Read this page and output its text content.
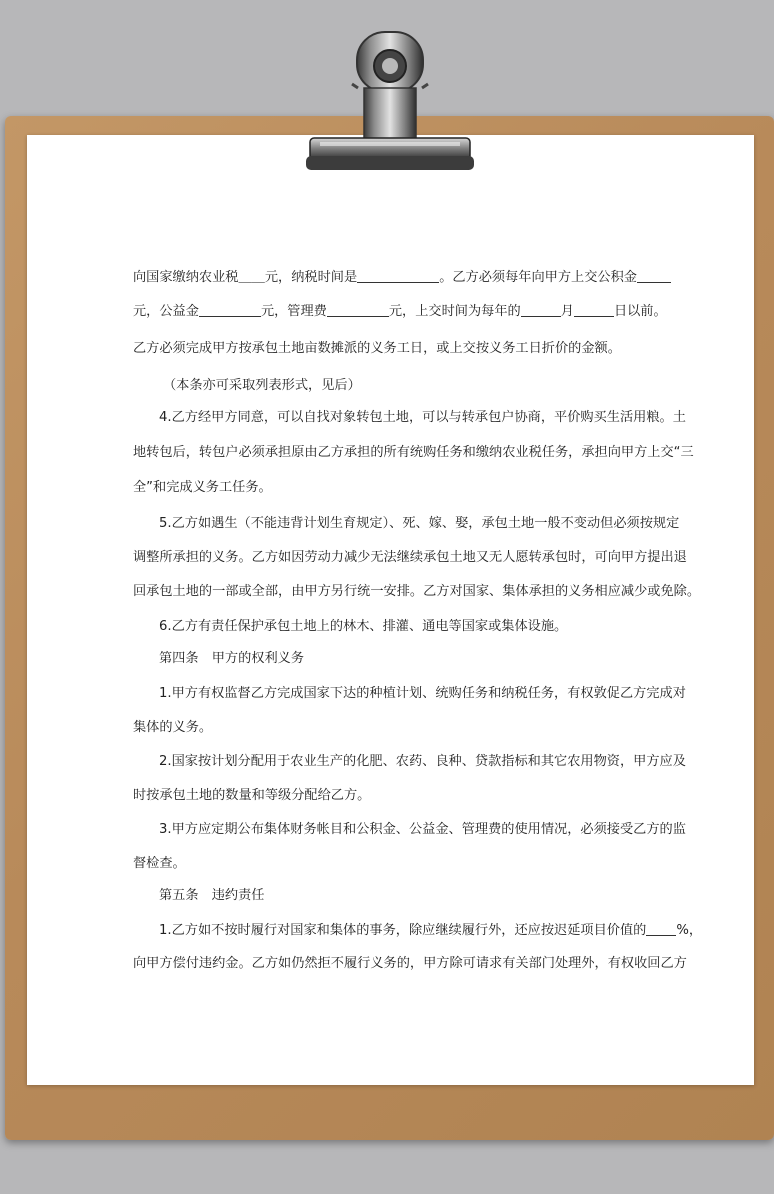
向国家缴纳农业税＿＿元，纳税时间是	。乙方必须每年向甲方上交公积金
元，公益金	元，管理费	元，上交时间为每年的	月	日以前。
乙方必须完成甲方按承包土地亩数摊派的义务工日，或上交按义务工日折价的金额。
（本条亦可采取列表形式，见后）
4.乙方经甲方同意，可以自找对象转包土地，可以与转承包户协商，平价购买生活用粮。土
地转包后，转包户必须承担原由乙方承担的所有统购任务和缴纳农业税任务，承担向甲方上交“三
全”和完成义务工任务。
5.乙方如遇生（不能违背计划生育规定）、死、嫁、娶，承包土地一般不变动但必须按规定
调整所承担的义务。乙方如因劳动力减少无法继续承包土地又无人愿转承包时，可向甲方提出退
回承包土地的一部或全部，由甲方另行统一安排。乙方对国家、集体承担的义务相应减少或免除。
6.乙方有责任保护承包土地上的林木、排灌、通电等国家或集体设施。
第四条　甲方的权利义务
1.甲方有权监督乙方完成国家下达的种植计划、统购任务和纳税任务，有权敦促乙方完成对
集体的义务。
2.国家按计划分配用于农业生产的化肥、农药、良种、贷款指标和其它农用物资，甲方应及
时按承包土地的数量和等级分配给乙方。
3.甲方应定期公布集体财务帐目和公积金、公益金、管理费的使用情况，必须接受乙方的监
督检查。
第五条　违约责任
1.乙方如不按时履行对国家和集体的事务，除应继续履行外，还应按迟延项目价值的 %，
向甲方偿付违约金。乙方如仍然拒不履行义务的，甲方除可请求有关部门处理外，有权收回乙方
